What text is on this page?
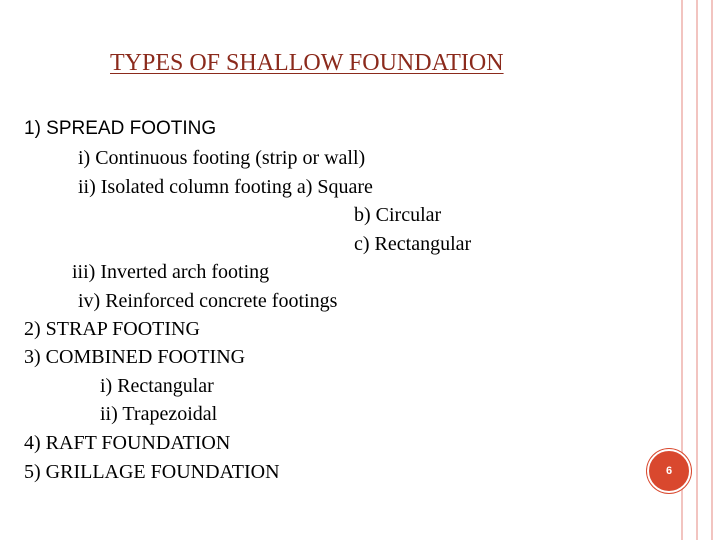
TYPES OF SHALLOW FOUNDATION
1) SPREAD FOOTING
i) Continuous footing (strip or wall)
ii) Isolated column footing a) Square
b) Circular
c) Rectangular
iii) Inverted arch footing
iv) Reinforced concrete footings
2) STRAP FOOTING
3) COMBINED FOOTING
i) Rectangular
ii) Trapezoidal
4) RAFT FOUNDATION
5) GRILLAGE FOUNDATION	6
